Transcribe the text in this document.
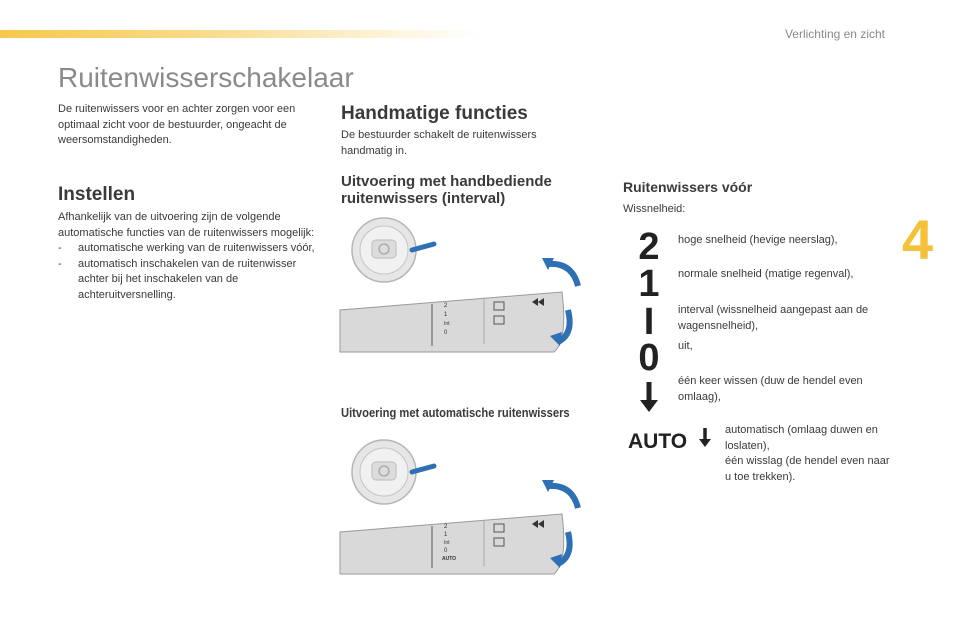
Verlichting en zicht
4
Ruitenwisserschakelaar

De ruitenwissers voor en achter zorgen voor een optimaal zicht voor de bestuurder, ongeacht de weersomstandigheden.

Instellen

Afhankelijk van de uitvoering zijn de volgende automatische functies van de ruitenwissers mogelijk:

- automatische werking van de ruitenwissers vóór,
- automatisch inschakelen van de ruitenwisser achter bij het inschakelen van de achteruitversnelling.
Handmatige functies

De bestuurder schakelt de ruitenwissers handmatig in.

Uitvoering met handbediende ruitenwissers (interval)
2
1
Int
0
Uitvoering met automatische ruitenwissers
2
1
Int
0
AUTO
Ruitenwissers vóór

Wissnelheid:

2 hoge snelheid (hevige neerslag),

1 normale snelheid (matige regenval),

I interval (wissnelheid aangepast aan de wagensnelheid),

0 uit,

één keer wissen (duw de hendel even omlaag),

AUTO	automatisch (omlaag duwen en loslaten),
één wisslag (de hendel even naar u toe trekken).
